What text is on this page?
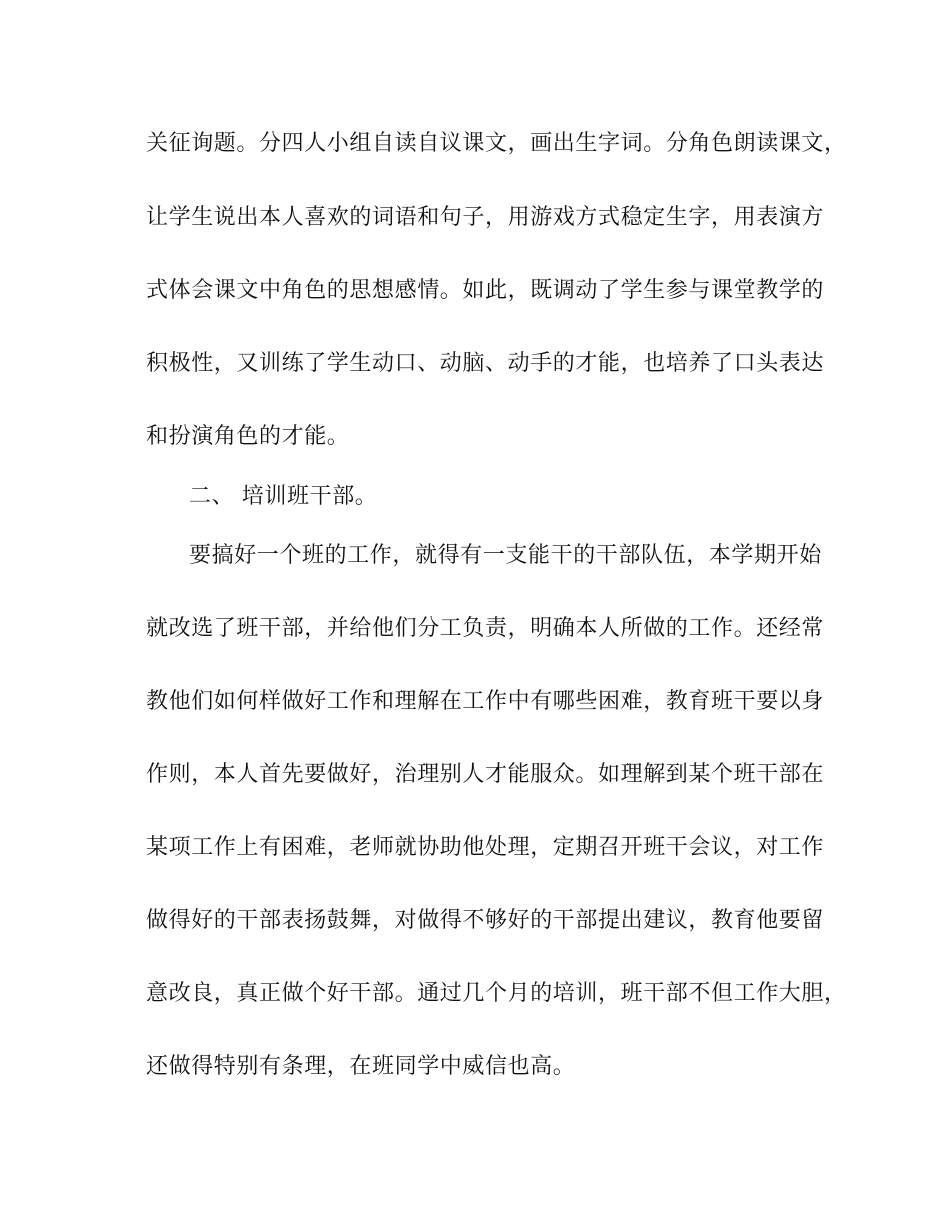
关征询题。分四人小组自读自议课文，画出生字词。分角色朗读课文，
让学生说出本人喜欢的词语和句子，用游戏方式稳定生字，用表演方
式体会课文中角色的思想感情。如此，既调动了学生参与课堂教学的
积极性，又训练了学生动口、动脑、动手的才能，也培养了口头表达
和扮演角色的才能。
二、 培训班干部。
要搞好一个班的工作，就得有一支能干的干部队伍，本学期开始
就改选了班干部，并给他们分工负责，明确本人所做的工作。还经常
教他们如何样做好工作和理解在工作中有哪些困难，教育班干要以身
作则，本人首先要做好，治理别人才能服众。如理解到某个班干部在
某项工作上有困难，老师就协助他处理，定期召开班干会议，对工作
做得好的干部表扬鼓舞，对做得不够好的干部提出建议，教育他要留
意改良，真正做个好干部。通过几个月的培训，班干部不但工作大胆，
还做得特别有条理，在班同学中威信也高。
